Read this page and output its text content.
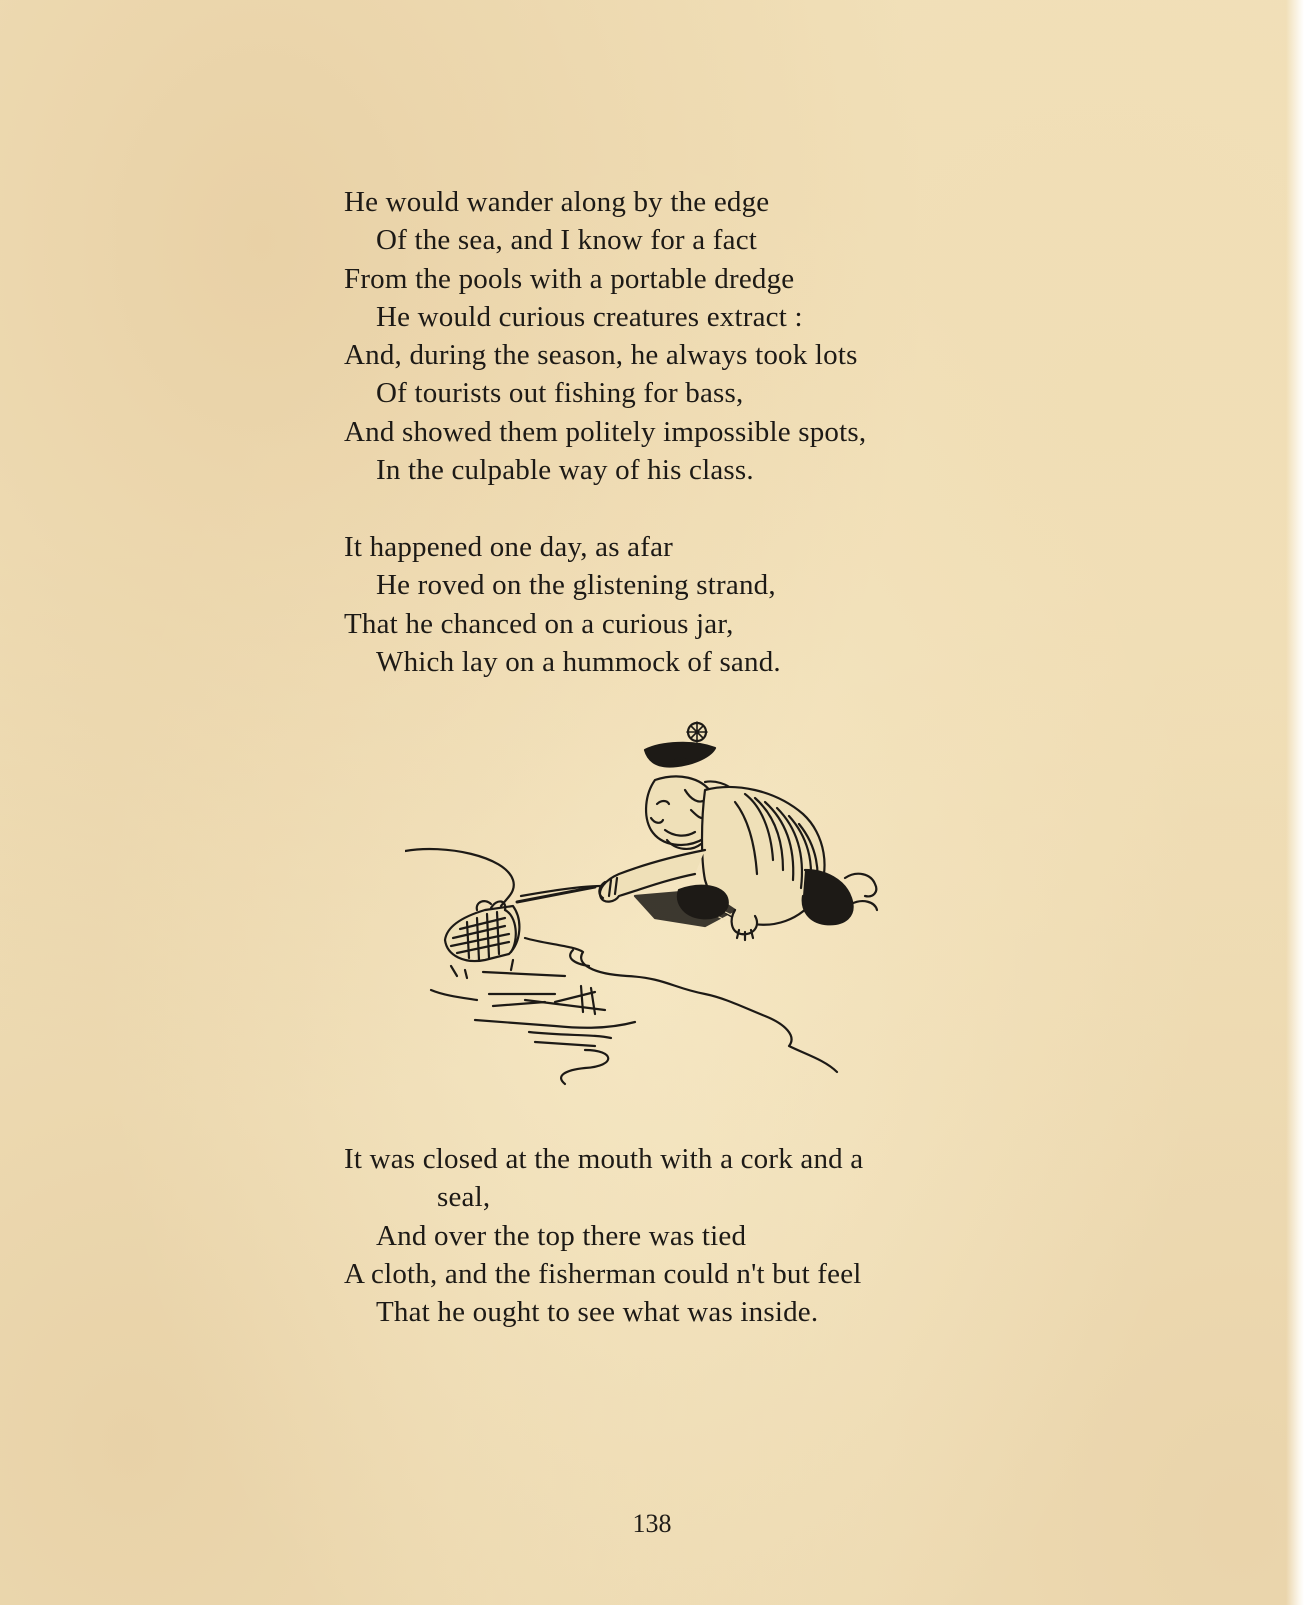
He would wander along by the edge
Of the sea, and I know for a fact
From the pools with a portable dredge
He would curious creatures extract :
And, during the season, he always took lots
Of tourists out fishing for bass,
And showed them politely impossible spots,
In the culpable way of his class.
It happened one day, as afar
He roved on the glistening strand,
That he chanced on a curious jar,
Which lay on a hummock of sand.
It was closed at the mouth with a cork and a
seal,
And over the top there was tied
A cloth, and the fisherman could n't but feel
That he ought to see what was inside.
138
